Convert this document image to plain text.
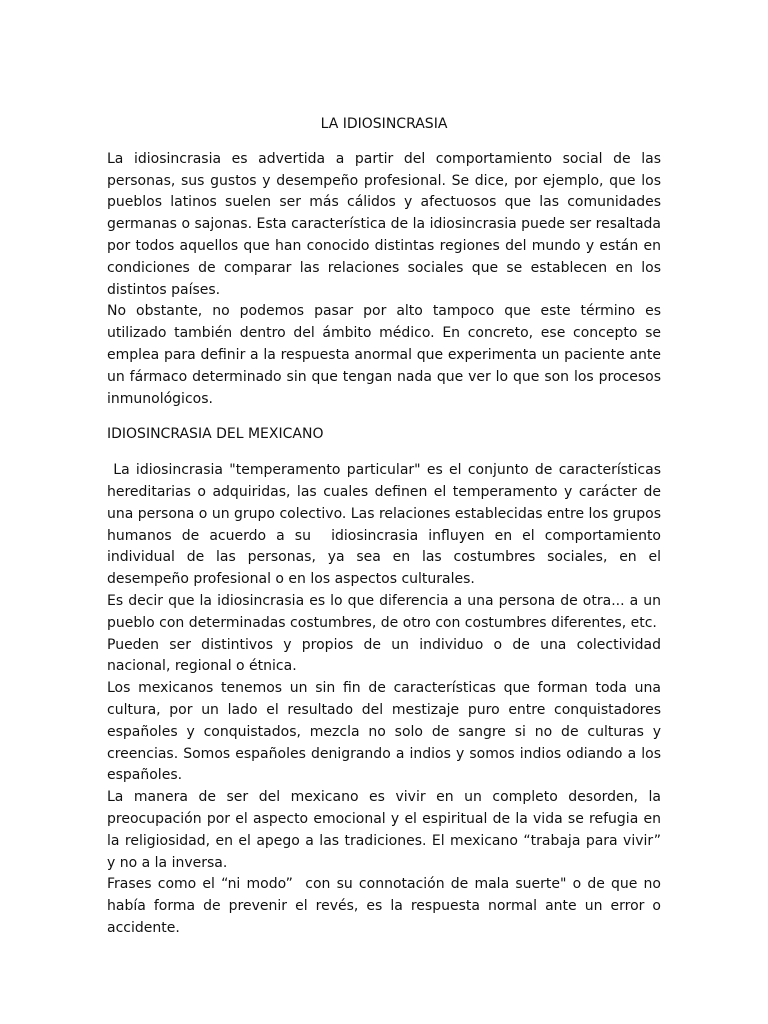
LA IDIOSINCRASIA

La idiosincrasia es advertida a partir del comportamiento social de las personas, sus gustos y desempeño profesional. Se dice, por ejemplo, que los pueblos latinos suelen ser más cálidos y afectuosos que las comunidades germanas o sajonas. Esta característica de la idiosincrasia puede ser resaltada por todos aquellos que han conocido distintas regiones del mundo y están en condiciones de comparar las relaciones sociales que se establecen en los distintos países.

No obstante, no podemos pasar por alto tampoco que este término es utilizado también dentro del ámbito médico. En concreto, ese concepto se emplea para definir a la respuesta anormal que experimenta un paciente ante un fármaco determinado sin que tengan nada que ver lo que son los procesos inmunológicos.

IDIOSINCRASIA DEL MEXICANO

La idiosincrasia "temperamento particular" es el conjunto de características hereditarias o adquiridas, las cuales definen el temperamento y carácter de una persona o un grupo colectivo. Las relaciones establecidas entre los grupos humanos de acuerdo a su  idiosincrasia influyen en el comportamiento individual de las personas, ya sea en las costumbres sociales, en el desempeño profesional o en los aspectos culturales.

Es decir que la idiosincrasia es lo que diferencia a una persona de otra... a un pueblo con determinadas costumbres, de otro con costumbres diferentes, etc.

Pueden ser distintivos y propios de un individuo o de una colectividad nacional, regional o étnica.

Los mexicanos tenemos un sin fin de características que forman toda una cultura, por un lado el resultado del mestizaje puro entre conquistadores españoles y conquistados, mezcla no solo de sangre si no de culturas y creencias. Somos españoles denigrando a indios y somos indios odiando a los españoles.

La manera de ser del mexicano es vivir en un completo desorden, la preocupación por el aspecto emocional y el espiritual de la vida se refugia en la religiosidad, en el apego a las tradiciones. El mexicano “trabaja para vivir” y no a la inversa.

Frases como el “ni modo”  con su connotación de mala suerte" o de que no había forma de prevenir el revés, es la respuesta normal ante un error o accidente.
